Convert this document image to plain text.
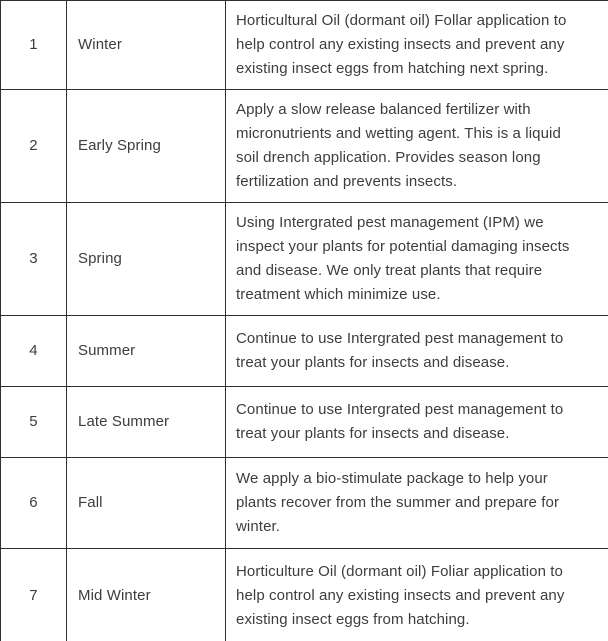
1	Winter	Horticultural Oil (dormant oil) Follar application to help control any existing insects and prevent any existing insect eggs from hatching next spring.

2	Early Spring	Apply a slow release balanced fertilizer with micronutrients and wetting agent. This is a liquid soil drench application. Provides season long fertilization and prevents insects.

3	Spring	Using Intergrated pest management (IPM) we inspect your plants for potential damaging insects and disease. We only treat plants that require treatment which minimize use.

4	Summer	Continue to use Intergrated pest management to treat your plants for insects and disease.

5	Late Summer	Continue to use Intergrated pest management to treat your plants for insects and disease.

6	Fall	We apply a bio-stimulate package to help your plants recover from the summer and prepare for winter.

7	Mid Winter	Horticulture Oil (dormant oil) Foliar application to help control any existing insects and prevent any existing insect eggs from hatching.
